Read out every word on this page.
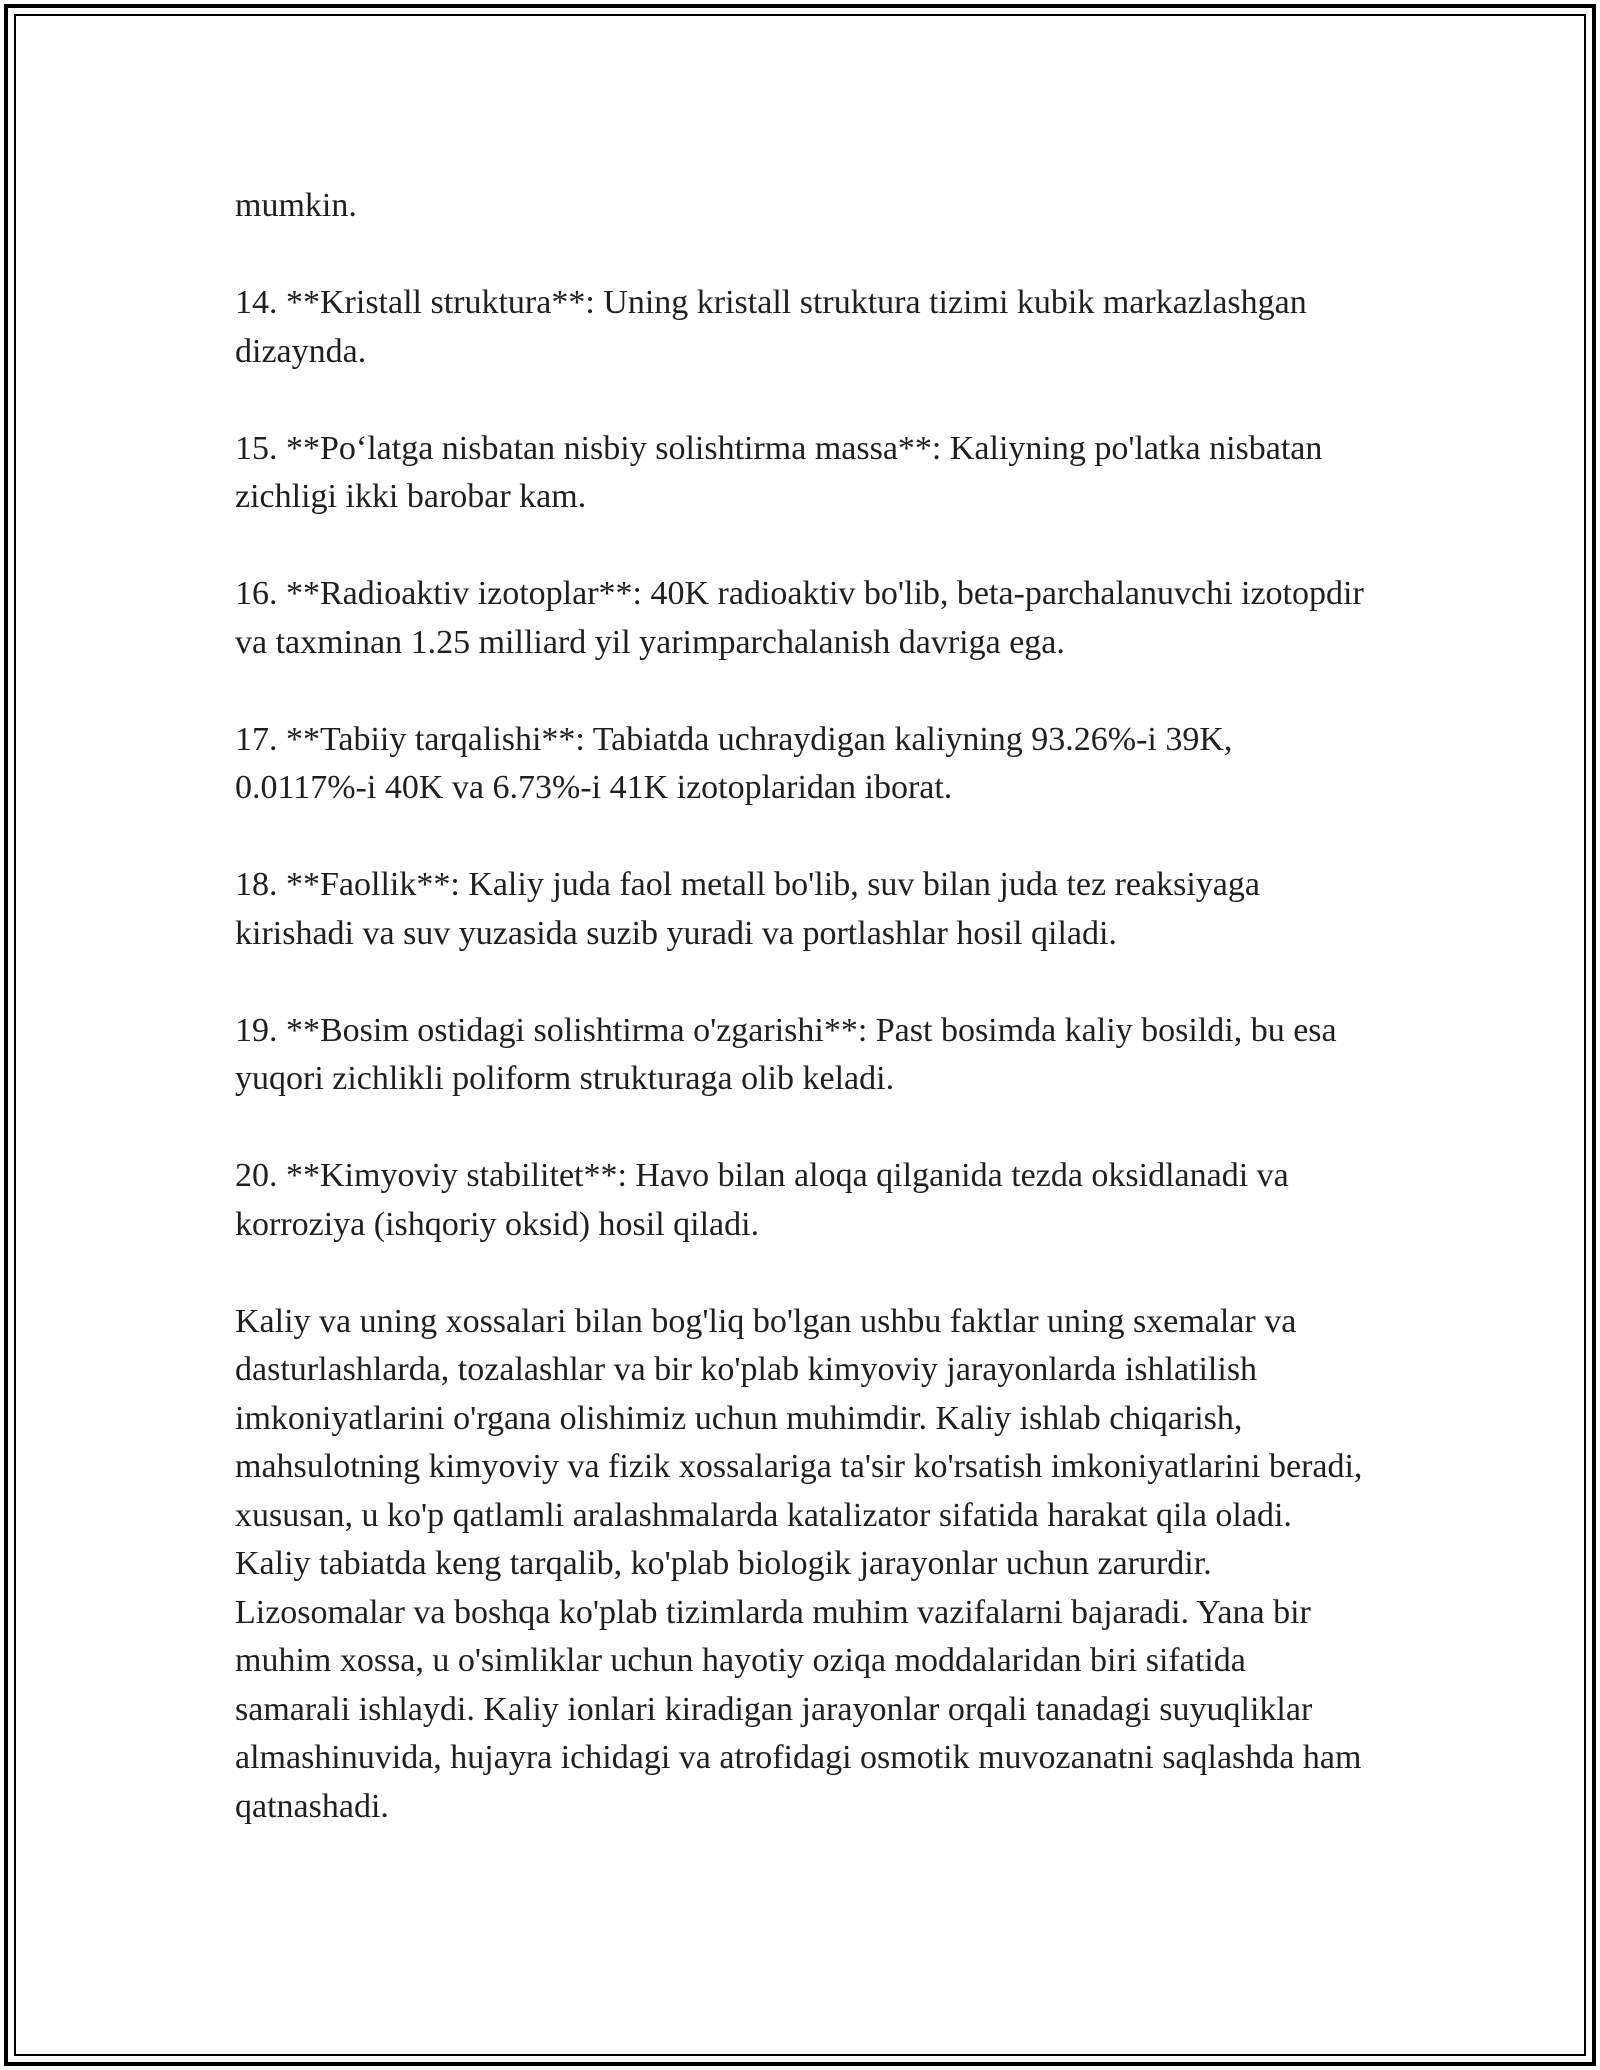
mumkin.

14. **Kristall struktura**: Uning kristall struktura tizimi kubik markazlashgan dizaynda.

15. **Po‘latga nisbatan nisbiy solishtirma massa**: Kaliyning po'latka nisbatan zichligi ikki barobar kam.

16. **Radioaktiv izotoplar**: 40K radioaktiv bo'lib, beta-parchalanuvchi izotopdir va taxminan 1.25 milliard yil yarimparchalanish davriga ega.

17. **Tabiiy tarqalishi**: Tabiatda uchraydigan kaliyning 93.26%-i 39K, 0.0117%-i 40K va 6.73%-i 41K izotoplaridan iborat.

18. **Faollik**: Kaliy juda faol metall bo'lib, suv bilan juda tez reaksiyaga kirishadi va suv yuzasida suzib yuradi va portlashlar hosil qiladi.

19. **Bosim ostidagi solishtirma o'zgarishi**: Past bosimda kaliy bosildi, bu esa yuqori zichlikli poliform strukturaga olib keladi.

20. **Kimyoviy stabilitet**: Havo bilan aloqa qilganida tezda oksidlanadi va korroziya (ishqoriy oksid) hosil qiladi.

Kaliy va uning xossalari bilan bog'liq bo'lgan ushbu faktlar uning sxemalar va dasturlashlarda, tozalashlar va bir ko'plab kimyoviy jarayonlarda ishlatilish imkoniyatlarini o'rgana olishimiz uchun muhimdir. Kaliy ishlab chiqarish, mahsulotning kimyoviy va fizik xossalariga ta'sir ko'rsatish imkoniyatlarini beradi, xususan, u ko'p qatlamli aralashmalarda katalizator sifatida harakat qila oladi. Kaliy tabiatda keng tarqalib, ko'plab biologik jarayonlar uchun zarurdir. Lizosomalar va boshqa ko'plab tizimlarda muhim vazifalarni bajaradi. Yana bir muhim xossa, u o'simliklar uchun hayotiy oziqa moddalaridan biri sifatida samarali ishlaydi. Kaliy ionlari kiradigan jarayonlar orqali tanadagi suyuqliklar almashinuvida, hujayra ichidagi va atrofidagi osmotik muvozanatni saqlashda ham qatnashadi.
